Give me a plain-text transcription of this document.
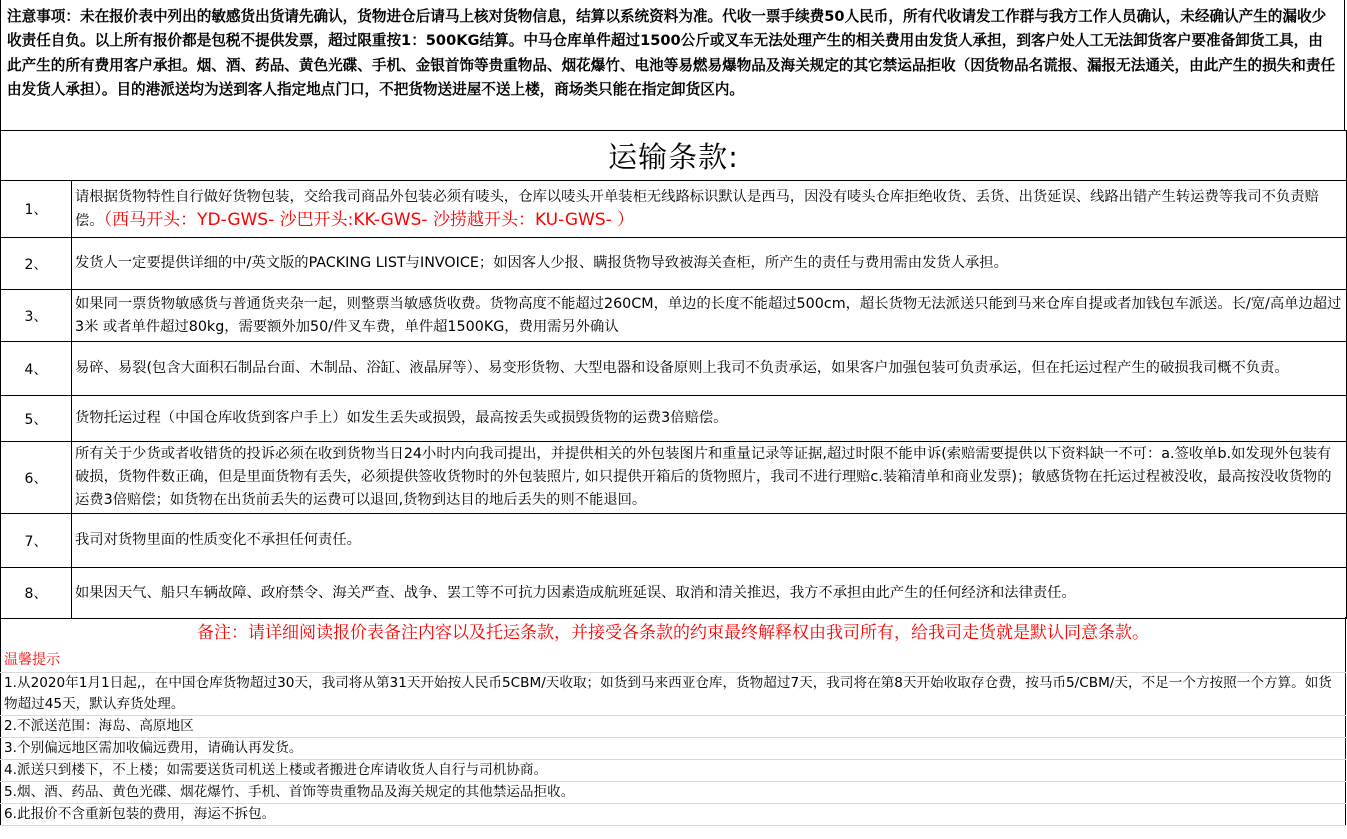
注意事项：未在报价表中列出的敏感货出货请先确认，货物进仓后请马上核对货物信息，结算以系统资料为准。代收一票手续费50人民币，所有代收请发工作群与我方工作人员确认，未经确认产生的漏收少收责任自负。以上所有报价都是包税不提供发票，超过限重按1：500KG结算。中马仓库单件超过1500公斤或叉车无法处理产生的相关费用由发货人承担，到客户处人工无法卸货客户要准备卸货工具，由此产生的所有费用客户承担。烟、酒、药品、黄色光碟、手机、金银首饰等贵重物品、烟花爆竹、电池等易燃易爆物品及海关规定的其它禁运品拒收（因货物品名谎报、漏报无法通关，由此产生的损失和责任由发货人承担）。目的港派送均为送到客人指定地点门口，不把货物送进屋不送上楼，商场类只能在指定卸货区内。
运输条款:	
1、	请根据货物特性自行做好货物包装，交给我司商品外包装必须有唛头，仓库以唛头开单装柜无线路标识默认是西马，因没有唛头仓库拒绝收货、丢货、出货延误、线路出错产生转运费等我司不负责赔偿。（西马开头：YD-GWS- 沙巴开头:KK-GWS- 沙捞越开头：KU-GWS- ）
2、	发货人一定要提供详细的中/英文版的PACKING LIST与INVOICE；如因客人少报、瞒报货物导致被海关查柜，所产生的责任与费用需由发货人承担。
3、	如果同一票货物敏感货与普通货夹杂一起，则整票当敏感货收费。货物高度不能超过260CM，单边的长度不能超过500cm，超长货物无法派送只能到马来仓库自提或者加钱包车派送。长/宽/高单边超过3米 或者单件超过80kg，需要额外加50/件叉车费，单件超1500KG，费用需另外确认
4、	易碎、易裂(包含大面积石制品台面、木制品、浴缸、液晶屏等）、易变形货物、大型电器和设备原则上我司不负责承运，如果客户加强包装可负责承运，但在托运过程产生的破损我司概不负责。
5、	货物托运过程（中国仓库收货到客户手上）如发生丢失或损毁，最高按丢失或损毁货物的运费3倍赔偿。
6、	所有关于少货或者收错货的投诉必须在收到货物当日24小时内向我司提出，并提供相关的外包装图片和重量记录等证据,超过时限不能申诉(索赔需要提供以下资料缺一不可：a.签收单b.如发现外包装有破损，货物件数正确，但是里面货物有丢失，必须提供签收货物时的外包装照片, 如只提供开箱后的货物照片，我司不进行理赔c.装箱清单和商业发票)；敏感货物在托运过程被没收，最高按没收货物的运费3倍赔偿；如货物在出货前丢失的运费可以退回,货物到达目的地后丢失的则不能退回。
7、	我司对货物里面的性质变化不承担任何责任。
8、	如果因天气、船只车辆故障、政府禁令、海关严查、战争、罢工等不可抗力因素造成航班延误、取消和清关推迟，我方不承担由此产生的任何经济和法律责任。
备注：请详细阅读报价表备注内容以及托运条款，并接受各条款的约束最终解释权由我司所有，给我司走货就是默认同意条款。
温馨提示
1.从2020年1月1日起,，在中国仓库货物超过30天，我司将从第31天开始按人民币5CBM/天收取；如货到马来西亚仓库，货物超过7天，我司将在第8天开始收取存仓费，按马币5/CBM/天，不足一个方按照一个方算。如货物超过45天，默认弃货处理。
2.不派送范围：海岛、高原地区
3.个别偏远地区需加收偏远费用，请确认再发货。
4.派送只到楼下，不上楼；如需要送货司机送上楼或者搬进仓库请收货人自行与司机协商。
5.烟、酒、药品、黄色光碟、烟花爆竹、手机、首饰等贵重物品及海关规定的其他禁运品拒收。
6.此报价不含重新包装的费用，海运不拆包。
